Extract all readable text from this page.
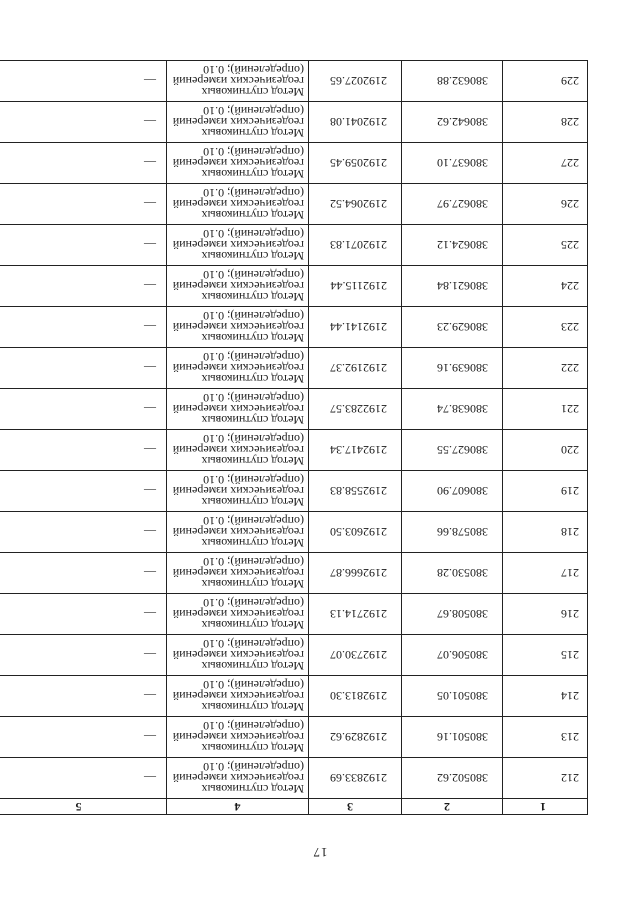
17
1	2	3	4	5
212	380502.62	2192833.69	Метод спутниковых
геодезических измерений
(определений); 0.10	—
213	380501.16	2192829.62	Метод спутниковых
геодезических измерений
(определений); 0.10	—
214	380501.05	2192813.30	Метод спутниковых
геодезических измерений
(определений); 0.10	—
215	380506.07	2192730.07	Метод спутниковых
геодезических измерений
(определений); 0.10	—
216	380508.67	2192714.13	Метод спутниковых
геодезических измерений
(определений); 0.10	—
217	380530.28	2192666.87	Метод спутниковых
геодезических измерений
(определений); 0.10	—
218	380578.66	2192603.50	Метод спутниковых
геодезических измерений
(определений); 0.10	—
219	380607.90	2192558.83	Метод спутниковых
геодезических измерений
(определений); 0.10	—
220	380627.55	2192417.34	Метод спутниковых
геодезических измерений
(определений); 0.10	—
221	380638.74	2192283.57	Метод спутниковых
геодезических измерений
(определений); 0.10	—
222	380639.16	2192192.37	Метод спутниковых
геодезических измерений
(определений); 0.10	—
223	380629.23	2192141.44	Метод спутниковых
геодезических измерений
(определений); 0.10	—
224	380621.84	2192115.44	Метод спутниковых
геодезических измерений
(определений); 0.10	—
225	380624.12	2192071.83	Метод спутниковых
геодезических измерений
(определений); 0.10	—
226	380627.97	2192064.52	Метод спутниковых
геодезических измерений
(определений); 0.10	—
227	380637.10	2192059.45	Метод спутниковых
геодезических измерений
(определений); 0.10	—
228	380642.62	2192041.08	Метод спутниковых
геодезических измерений
(определений); 0.10	—
229	380632.88	2192027.65	Метод спутниковых
геодезических измерений
(определений); 0.10	—
